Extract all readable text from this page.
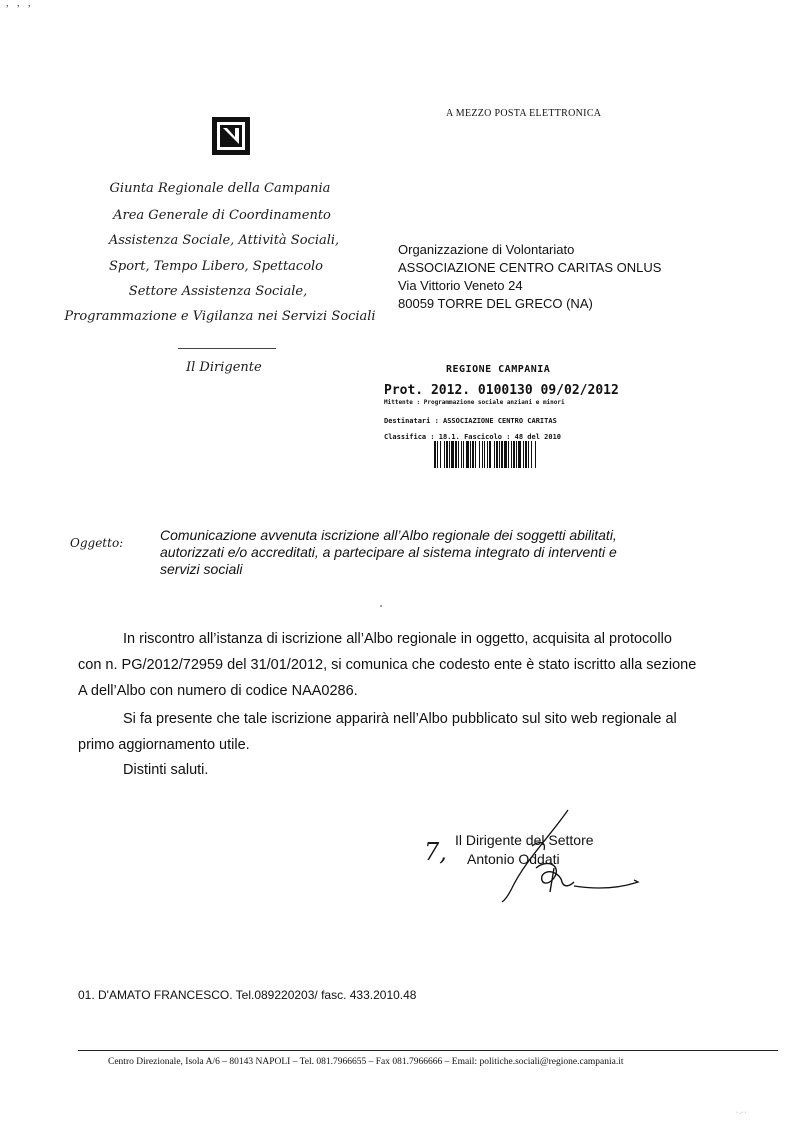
, , ,
A MEZZO POSTA ELETTRONICA
Giunta Regionale della Campania
Area Generale di Coordinamento
Assistenza Sociale, Attività Sociali,
Sport, Tempo Libero, Spettacolo
Settore Assistenza Sociale,
Programmazione e Vigilanza nei Servizi Sociali
Il Dirigente
Organizzazione di Volontariato
ASSOCIAZIONE CENTRO CARITAS ONLUS
Via Vittorio Veneto 24
80059 TORRE DEL GRECO (NA)
REGIONE CAMPANIA
Prot. 2012. 0100130 09/02/2012
Mittente : Programmazione sociale anziani e minori
Destinatari : ASSOCIAZIONE CENTRO CARITAS
Classifica : 18.1. Fascicolo : 48 del 2010
Oggetto:	Comunicazione avvenuta iscrizione all’Albo regionale dei soggetti abilitati, autorizzati e/o accreditati, a partecipare al sistema integrato di interventi e servizi sociali
In riscontro all’istanza di iscrizione all’Albo regionale in oggetto, acquisita al protocollo con n. PG/2012/72959 del 31/01/2012, si comunica che codesto ente è stato iscritto alla sezione A dell’Albo con numero di codice NAA0286.
Si fa presente che tale iscrizione apparirà nell’Albo pubblicato sul sito web regionale al primo aggiornamento utile.
Distinti saluti.
7, Il Dirigente del Settore
Antonio Oddati
01. D'AMATO FRANCESCO. Tel.089220203/ fasc. 433.2010.48
Centro Direzionale, Isola A/6 – 80143 NAPOLI – Tel. 081.7966655 – Fax 081.7966666 – Email: politiche.sociali@regione.campania.it
· .· ·
